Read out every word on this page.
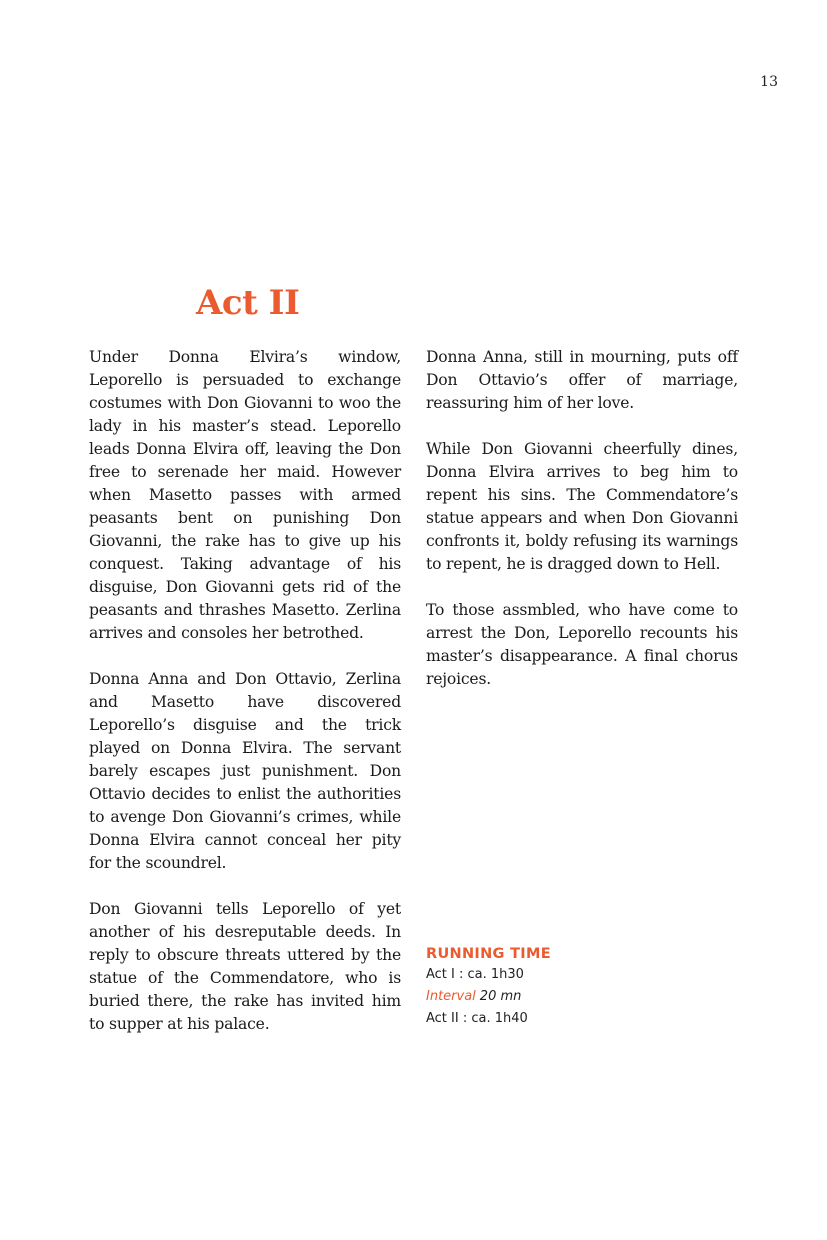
13
Act II

Under Donna Elvira’s window, Leporello is persuaded to exchange costumes with Don Giovanni to woo the lady in his master’s stead. Leporello leads Donna Elvira off, leaving the Don free to serenade her maid. However when Masetto passes with armed peasants bent on punishing Don Giovanni, the rake has to give up his conquest. Taking advantage of his disguise, Don Giovanni gets rid of the peasants and thrashes Masetto. Zerlina arrives and consoles her betrothed.

Donna Anna and Don Ottavio, Zerlina and Masetto have discovered Leporello’s disguise and the trick played on Donna Elvira. The servant barely escapes just punishment. Don Ottavio decides to enlist the authorities to avenge Don Giovanni’s crimes, while Donna Elvira cannot conceal her pity for the scoundrel.

Don Giovanni tells Leporello of yet another of his desreputable deeds. In reply to obscure threats uttered by the statue of the Commendatore, who is buried there, the rake has invited him to supper at his palace.

Donna Anna, still in mourning, puts off Don Ottavio’s offer of marriage, reassuring him of her love.

While Don Giovanni cheerfully dines, Donna Elvira arrives to beg him to repent his sins. The Commendatore’s statue appears and when Don Giovanni confronts it, boldy refusing its warnings to repent, he is dragged down to Hell.

To those assmbled, who have come to arrest the Don, Leporello recounts his master’s disappearance. A final chorus rejoices.

RUNNING TIME
Act I : ca. 1h30
Interval 20 mn
Act II : ca. 1h40
